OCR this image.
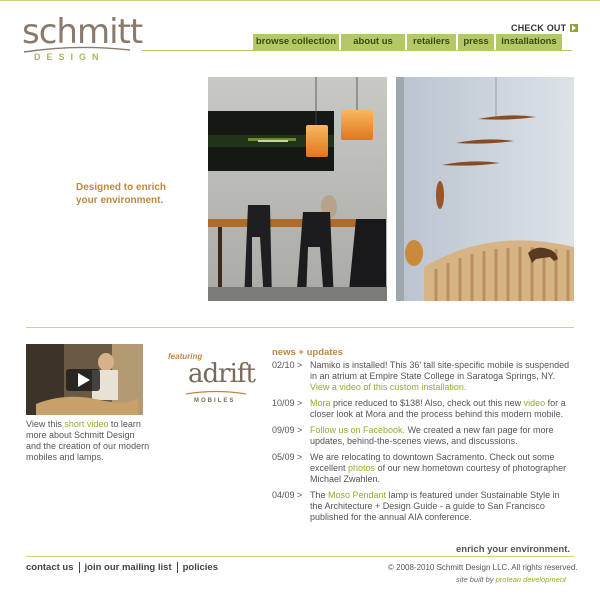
schmitt
DESIGN
CHECK OUT
browse collection	about us	retailers	press	installations
Designed to enrich
your environment.
View this short video to learn more about Schmitt Design and the creation of our modern mobiles and lamps.
featuring
adrift
MOBILES
news + updates
02/10 > Namiko is installed! This 36' tall site-specific mobile is suspended in an atrium at Empire State College in Saratoga Springs, NY. View a video of this custom installation.
10/09 > Mora price reduced to $138! Also, check out this new video for a closer look at Mora and the process behind this modern mobile.
09/09 > Follow us on Facebook. We created a new fan page for more updates, behind-the-scenes views, and discussions.
05/09 > We are relocating to downtown Sacramento. Check out some excellent photos of our new hometown courtesy of photographer Michael Zwahlen.
04/09 > The Moso Pendant lamp is featured under Sustainable Style in the Architecture + Design Guide - a guide to San Francisco published for the annual AIA conference.
enrich your environment.
contact us join our mailing list policies	© 2008-2010 Schmitt Design LLC. All rights reserved.
site built by protean development
